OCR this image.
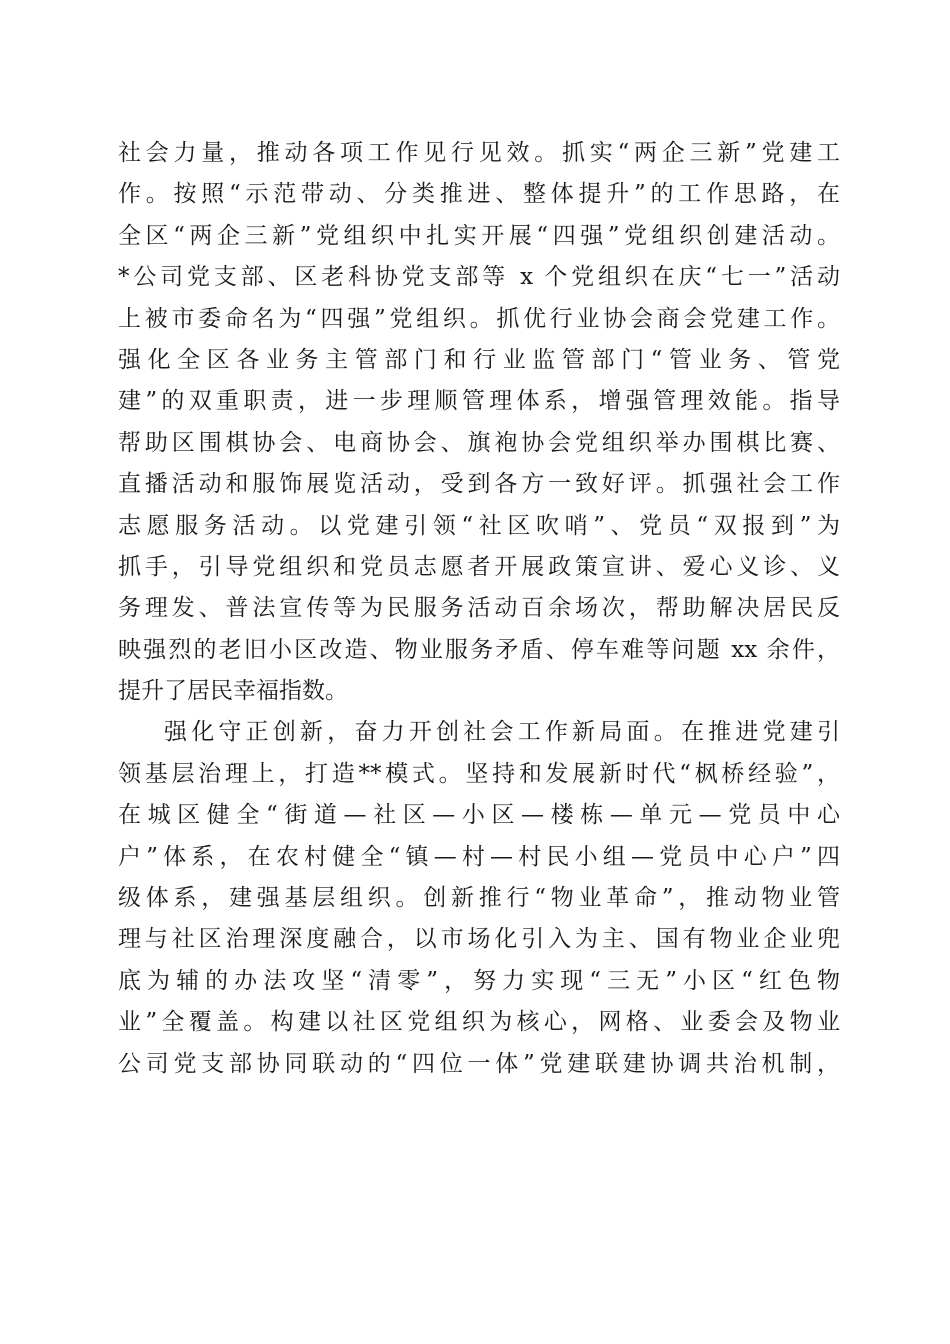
社会力量，推动各项工作见行见效。抓实“两企三新”党建工
作。按照“示范带动、分类推进、整体提升”的工作思路，在
全区“两企三新”党组织中扎实开展“四强”党组织创建活动。
*公司党支部、区老科协党支部等 x 个党组织在庆“七一”活动
上被市委命名为“四强”党组织。抓优行业协会商会党建工作。
强化全区各业务主管部门和行业监管部门“管业务、管党
建”的双重职责，进一步理顺管理体系，增强管理效能。指导
帮助区围棋协会、电商协会、旗袍协会党组织举办围棋比赛、
直播活动和服饰展览活动，受到各方一致好评。抓强社会工作
志愿服务活动。以党建引领“社区吹哨”、党员“双报到”为
抓手，引导党组织和党员志愿者开展政策宣讲、爱心义诊、义
务理发、普法宣传等为民服务活动百余场次，帮助解决居民反
映强烈的老旧小区改造、物业服务矛盾、停车难等问题 xx 余件，
提升了居民幸福指数。
强化守正创新，奋力开创社会工作新局面。在推进党建引
领基层治理上，打造**模式。坚持和发展新时代“枫桥经验”，
在城区健全“街道—社区—小区—楼栋—单元—党员中心
户”体系，在农村健全“镇—村—村民小组—党员中心户”四
级体系，建强基层组织。创新推行“物业革命”，推动物业管
理与社区治理深度融合，以市场化引入为主、国有物业企业兜
底为辅的办法攻坚“清零”，努力实现“三无”小区“红色物
业”全覆盖。构建以社区党组织为核心，网格、业委会及物业
公司党支部协同联动的“四位一体”党建联建协调共治机制，
